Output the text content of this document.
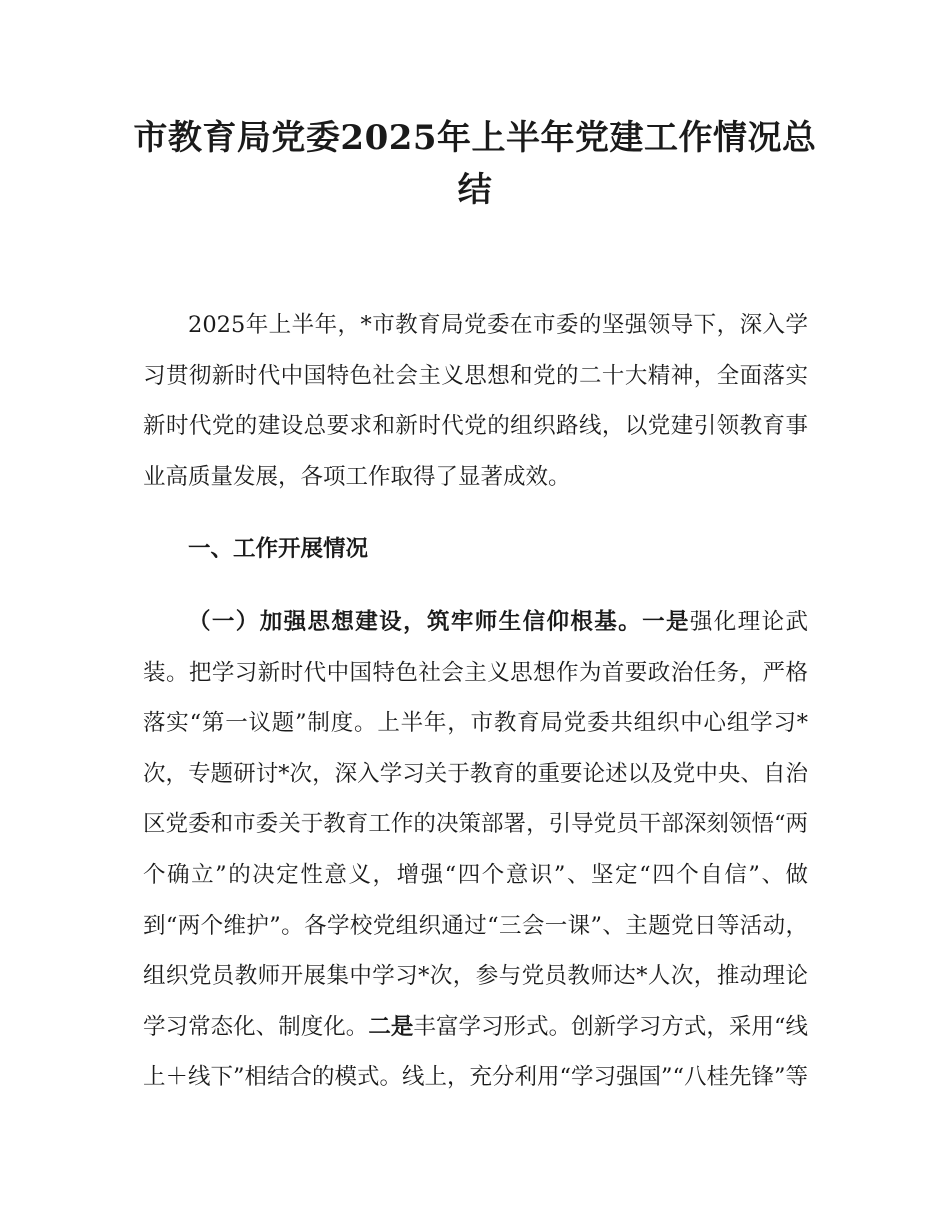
市教育局党委2025年上半年党建工作情况总
结

2025年上半年，*市教育局党委在市委的坚强领导下，深入学习贯彻新时代中国特色社会主义思想和党的二十大精神，全面落实新时代党的建设总要求和新时代党的组织路线，以党建引领教育事业高质量发展，各项工作取得了显著成效。

一、工作开展情况

（一）加强思想建设，筑牢师生信仰根基。一是强化理论武装。把学习新时代中国特色社会主义思想作为首要政治任务，严格落实“第一议题”制度。上半年，市教育局党委共组织中心组学习*次，专题研讨*次，深入学习关于教育的重要论述以及党中央、自治区党委和市委关于教育工作的决策部署，引导党员干部深刻领悟“两个确立”的决定性意义，增强“四个意识”、坚定“四个自信”、做到“两个维护”。各学校党组织通过“三会一课”、主题党日等活动，组织党员教师开展集中学习*次，参与党员教师达*人次，推动理论学习常态化、制度化。二是丰富学习形式。创新学习方式，采用“线上＋线下”相结合的模式。线上，充分利用“学习强国”“八桂先锋”等
